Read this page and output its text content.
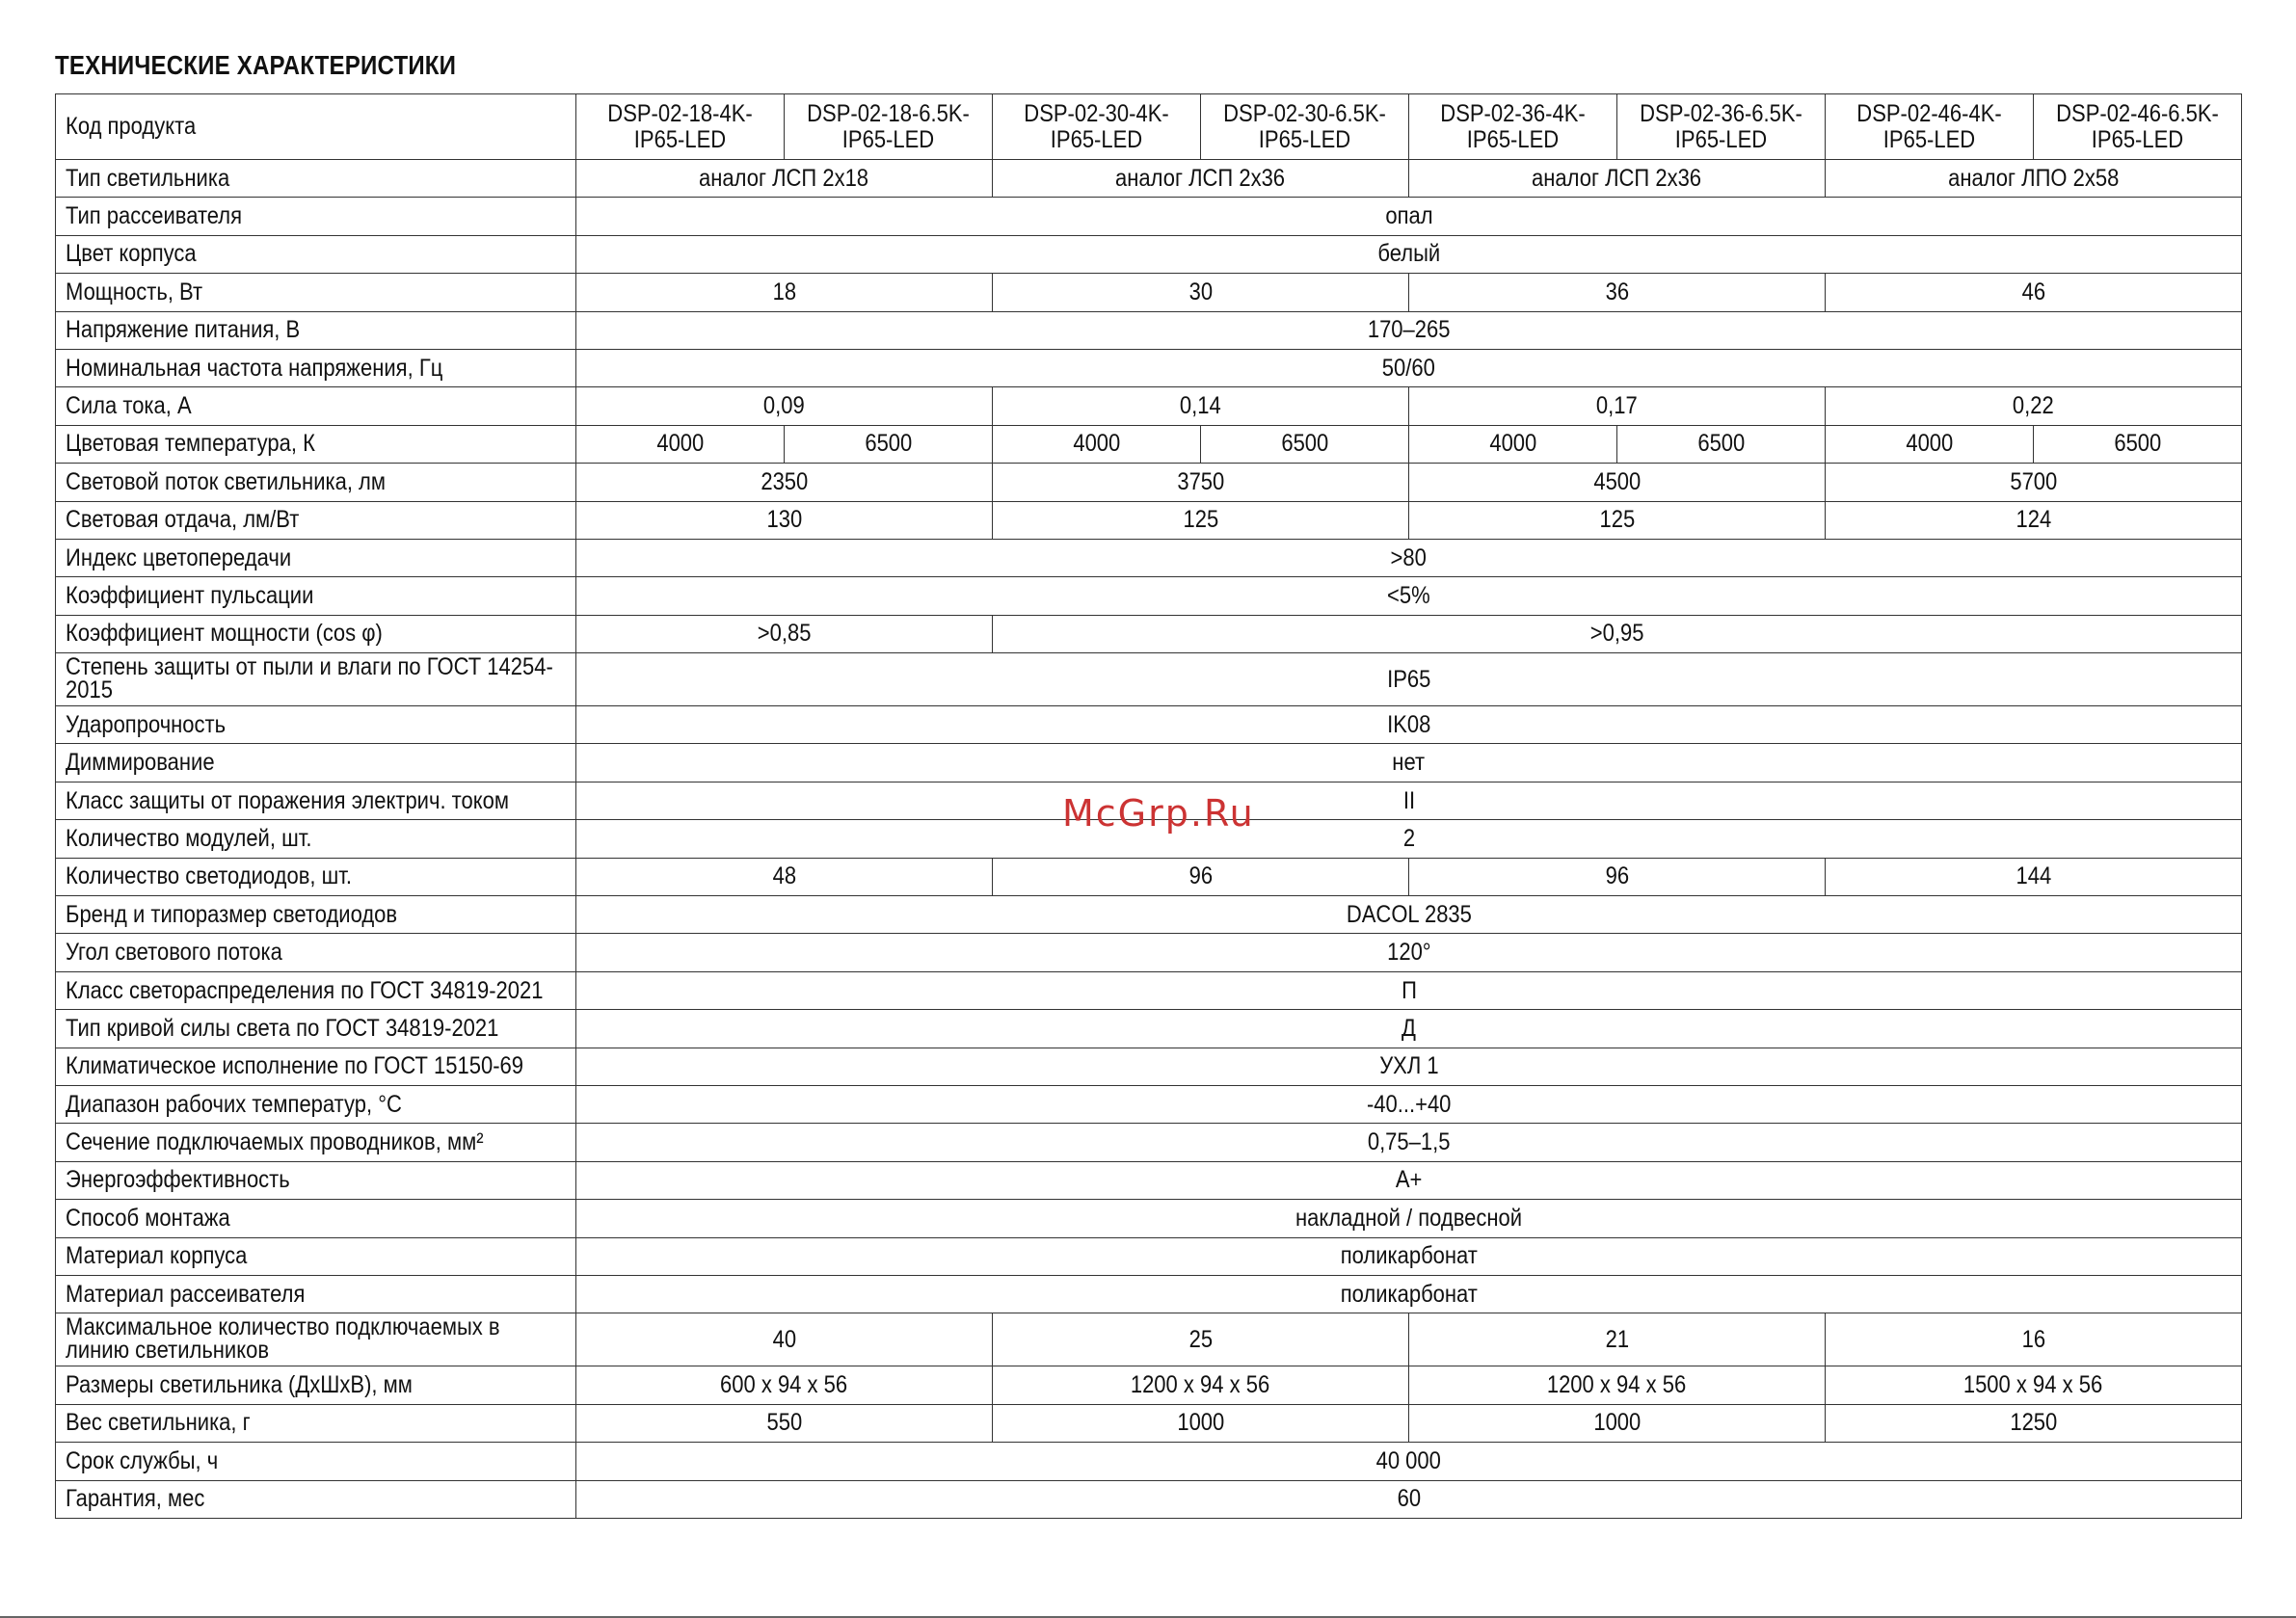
ТЕХНИЧЕСКИЕ ХАРАКТЕРИСТИКИ
Код продукта	DSP-02-18-4K-IP65-LED	DSP-02-18-6.5K-IP65-LED	DSP-02-30-4K-IP65-LED	DSP-02-30-6.5K-IP65-LED	DSP-02-36-4K-IP65-LED	DSP-02-36-6.5K-IP65-LED	DSP-02-46-4K-IP65-LED	DSP-02-46-6.5K-IP65-LED
Тип светильника	аналог ЛСП 2х18		аналог ЛСП 2х36		аналог ЛСП 2х36		аналог ЛПО 2х58	
Тип рассеивателя	опал							
Цвет корпуса	белый							
Мощность, Вт	18		30		36		46	
Напряжение питания, В	170–265							
Номинальная частота напряжения, Гц	50/60							
Сила тока, А	0,09		0,14		0,17		0,22	
Цветовая температура, К	4000	6500	4000	6500	4000	6500	4000	6500
Световой поток светильника, лм	2350		3750		4500		5700	
Световая отдача, лм/Вт	130		125		125		124	
Индекс цветопередачи	>80							
Коэффициент пульсации	<5%							
Коэффициент мощности (cos φ)	>0,85		>0,95					
Степень защиты от пыли и влаги по ГОСТ 14254-2015	IP65							
Ударопрочность	IK08							
Диммирование	нет							
Класс защиты от поражения электрич. током	II							
Количество модулей, шт.	2							
Количество светодиодов, шт.	48		96		96		144	
Бренд и типоразмер светодиодов	DACOL 2835							
Угол светового потока	120°							
Класс светораспределения по ГОСТ 34819-2021	П							
Тип кривой силы света по ГОСТ 34819-2021	Д							
Климатическое исполнение по ГОСТ 15150-69	УХЛ 1							
Диапазон рабочих температур, °С	-40...+40							
Сечение подключаемых проводников, мм²	0,75–1,5							
Энергоэффективность	А+							
Способ монтажа	накладной / подвесной							
Материал корпуса	поликарбонат							
Материал рассеивателя	поликарбонат							
Максимальное количество подключаемых в линию светильников	40		25		21		16	
Размеры светильника (ДхШхВ), мм	600 х 94 х 56		1200 х 94 х 56		1200 х 94 х 56		1500 х 94 х 56	
Вес светильника, г	550		1000		1000		1250	
Срок службы, ч	40 000							
Гарантия, мес	60							
McGrp.Ru
